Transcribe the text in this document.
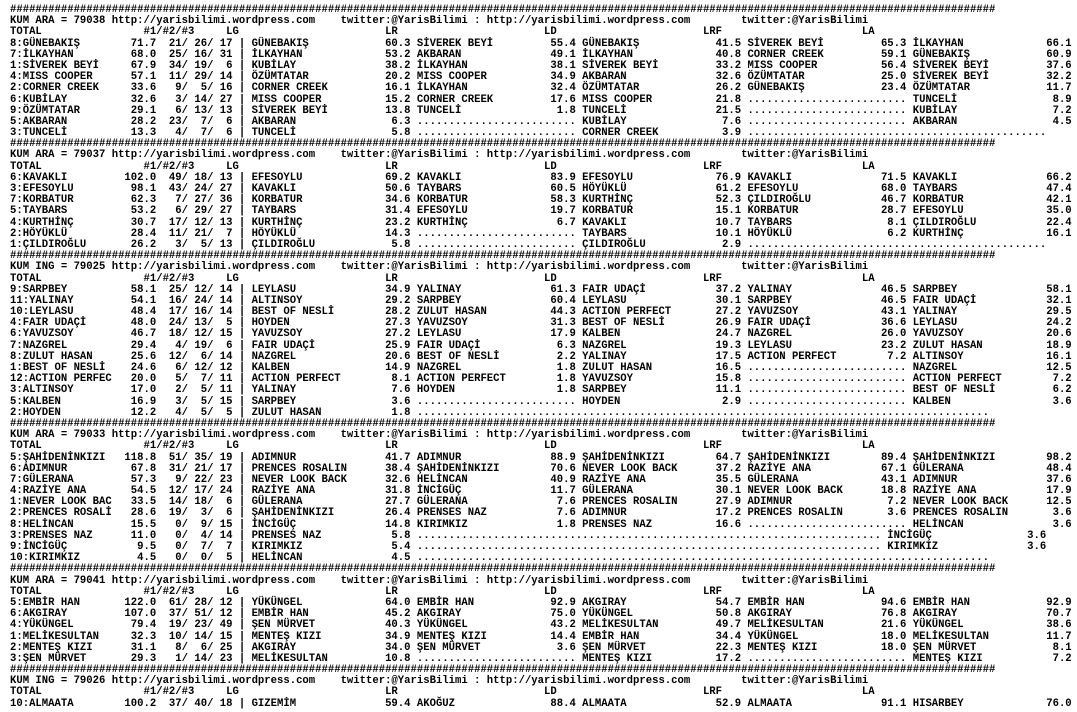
###########################################################################################################################################################
KUM ARA = 79038 http://yarisbilimi.wordpress.com    twitter:@YarisBilimi : http://yarisbilimi.wordpress.com        twitter:@YarisBilimi
TOTAL                #1/#2/#3     LG                       LR                       LD                       LRF                      LA
8:GÜNEBAKIŞ        71.7  21/ 26/ 17 | GÜNEBAKIŞ            60.3 SİVEREK BEYİ         55.4 GÜNEBAKIŞ            41.5 SİVEREK BEYİ         65.3 İLKAYHAN             66.1
7:İLKAYHAN         68.0  25/ 16/ 31 | İLKAYHAN             53.2 AKBARAN              49.1 İLKAYHAN             40.8 CORNER CREEK         59.1 GÜNEBAKIŞ            60.9
1:SİVEREK BEYİ     67.9  34/ 19/  6 | KUBİLAY              38.2 İLKAYHAN             38.1 SİVEREK BEYİ         33.2 MISS COOPER          56.4 SİVEREK BEYİ         37.6
4:MISS COOPER      57.1  11/ 29/ 14 | ÖZÜMTATAR            20.2 MISS COOPER          34.9 AKBARAN              32.6 ÖZÜMTATAR            25.0 SİVEREK BEYİ         32.2
2:CORNER CREEK     33.6   9/  5/ 16 | CORNER CREEK         16.1 İLKAYHAN             32.4 ÖZÜMTATAR            26.2 GÜNEBAKIŞ            23.4 ÖZÜMTATAR            11.7
6:KUBİLAY          32.6   3/ 14/ 27 | MISS COOPER          15.2 CORNER CREEK         17.6 MISS COOPER          21.8 ......................... TUNCELİ               8.9
9:ÖZÜMTATAR        29.1   6/ 13/ 13 | SİVEREK BEYİ         13.8 TUNCELİ               1.8 TUNCELİ              21.5 ......................... KUBİLAY               7.2
5:AKBARAN          28.2  23/  7/  6 | AKBARAN               6.3 ......................... KUBİLAY               7.6 ......................... AKBARAN               4.5
3:TUNCELİ          13.3   4/  7/  6 | TUNCELİ               5.8 ......................... CORNER CREEK          3.9 ...............................................
###########################################################################################################################################################
KUM ARA = 79037 http://yarisbilimi.wordpress.com    twitter:@YarisBilimi : http://yarisbilimi.wordpress.com        twitter:@YarisBilimi
TOTAL                #1/#2/#3     LG                       LR                       LD                       LRF                      LA
6:KAVAKLI         102.0  49/ 18/ 13 | EFESOYLU             69.2 KAVAKLI              83.9 EFESOYLU             76.9 KAVAKLI              71.5 KAVAKLI              66.2
3:EFESOYLU         98.1  43/ 24/ 27 | KAVAKLI              50.6 TAYBARS              60.5 HÖYÜKLÜ              61.2 EFESOYLU             68.0 TAYBARS              47.4
7:KORBATUR         62.3   7/ 27/ 36 | KORBATUR             34.6 KORBATUR             58.3 KURTHİNÇ             52.3 ÇILDIROĞLU           46.7 KORBATUR             42.1
5:TAYBARS          53.2   6/ 29/ 27 | TAYBARS              31.4 EFESOYLU             19.7 KORBATUR             15.1 KORBATUR             28.7 EFESOYLU             35.0
4:KURTHİNÇ         30.7  17/ 12/ 13 | KURTHİNÇ             23.2 KURTHİNÇ              6.7 KAVAKLI              10.7 TAYBARS               8.1 ÇILDIROĞLU           22.4
2:HÖYÜKLÜ          28.4  11/ 21/  7 | HÖYÜKLÜ              14.3 ......................... TAYBARS              10.1 HÖYÜKLÜ               6.2 KURTHİNÇ             16.1
1:ÇILDIROĞLU       26.2   3/  5/ 13 | ÇILDIROĞLU            5.8 ......................... ÇILDIROĞLU            2.9 ...............................................
###########################################################################################################################################################
KUM ING = 79025 http://yarisbilimi.wordpress.com    twitter:@YarisBilimi : http://yarisbilimi.wordpress.com        twitter:@YarisBilimi
TOTAL                #1/#2/#3     LG                       LR                       LD                       LRF                      LA
9:SARPBEY          58.1  25/ 12/ 14 | LEYLASU              34.9 YALINAY              61.3 FAIR UDAÇİ           37.2 YALINAY              46.5 SARPBEY              58.1
11:YALINAY         54.1  16/ 24/ 14 | ALTINSOY             29.2 SARPBEY              60.4 LEYLASU              30.1 SARPBEY              46.5 FAIR UDAÇİ           32.1
10:LEYLASU         48.4  17/ 16/ 14 | BEST OF NESLİ        28.2 ZULUT HASAN          44.3 ACTION PERFECT       27.2 YAVUZSOY             43.1 YALINAY              29.5
4:FAIR UDAÇİ       48.0  24/ 13/  5 | HOYDEN               27.3 YAVUZSOY             31.3 BEST OF NESLİ        26.9 FAIR UDAÇİ           36.6 LEYLASU              24.2
6:YAVUZSOY         46.7  18/ 12/ 15 | YAVUZSOY             27.2 LEYLASU              17.9 KALBEN               24.7 NAZGREL              26.0 YAVUZSOY             20.6
7:NAZGREL          29.4   4/ 19/  6 | FAIR UDAÇİ           25.9 FAIR UDAÇİ            6.3 NAZGREL              19.3 LEYLASU              23.2 ZULUT HASAN          18.9
8:ZULUT HASAN      25.6  12/  6/ 14 | NAZGREL              20.6 BEST OF NESLİ         2.2 YALINAY              17.5 ACTION PERFECT        7.2 ALTINSOY             16.1
1:BEST OF NESLİ    24.6   6/ 12/ 12 | KALBEN               14.9 NAZGREL               1.8 ZULUT HASAN          16.5 ......................... NAZGREL              12.5
12:ACTION PERFEC   20.0   5/  7/ 11 | ACTION PERFECT        8.1 ACTION PERFECT        1.8 YAVUZSOY             15.8 ......................... ACTION PERFECT        7.2
3:ALTINSOY         17.0   2/  5/ 11 | YALINAY               7.6 HOYDEN                1.8 SARPBEY              11.1 ......................... BEST OF NESLİ         6.2
5:KALBEN           16.9   3/  5/ 15 | SARPBEY               3.6 ......................... HOYDEN                2.9 ......................... KALBEN                3.6
2:HOYDEN           12.2   4/  5/  5 | ZULUT HASAN           1.8 ..........................................................................................
###########################################################################################################################################################
KUM ARA = 79033 http://yarisbilimi.wordpress.com    twitter:@YarisBilimi : http://yarisbilimi.wordpress.com        twitter:@YarisBilimi
TOTAL                #1/#2/#3     LG                       LR                       LD                       LRF                      LA
5:ŞAHİDENİNKIZI   118.8  51/ 35/ 19 | ADIMNUR              41.7 ADIMNUR              88.9 ŞAHİDENİNKIZI        64.7 ŞAHİDENİNKIZI        89.4 ŞAHİDENİNKIZI        98.2
6:ADIMNUR          67.8  31/ 21/ 17 | PRENCES ROSALIN      38.4 ŞAHİDENİNKIZI        70.6 NEVER LOOK BACK      37.2 RAZİYE ANA           67.1 GÜLERANA             48.4
7:GÜLERANA         57.3   9/ 22/ 23 | NEVER LOOK BACK      32.6 HELİNCAN             40.9 RAZİYE ANA           35.5 GÜLERANA             43.1 ADIMNUR              37.6
4:RAZİYE ANA       54.5  12/ 17/ 24 | RAZİYE ANA           31.8 İNCİGÜÇ              11.7 GÜLERANA             30.1 NEVER LOOK BACK      18.8 RAZİYE ANA           17.9
1:NEVER LOOK BAC   33.5  14/ 18/  6 | GÜLERANA             27.7 GÜLERANA              7.6 PRENCES ROSALIN      27.9 ADIMNUR               7.2 NEVER LOOK BACK      12.5
2:PRENCES ROSALİ   28.6  19/  3/  6 | ŞAHİDENİNKIZI        26.4 PRENSES NAZ           7.6 ADIMNUR              17.2 PRENCES ROSALIN       3.6 PRENCES ROSALIN       3.6
8:HELİNCAN         15.5   0/  9/ 15 | İNCİGÜÇ              14.8 KIRIMKIZ              1.8 PRENSES NAZ          16.6 ......................... HELİNCAN              3.6
3:PRENSES NAZ      11.0   0/  4/ 14 | PRENSES NAZ           5.8 ......................................................................... İNCİGÜÇ               3.6
9:İNCİGÜÇ           9.5   0/  7/  7 | KIRIMKIZ              5.4 ......................................................................... KIRIMKIZ              3.6
10:KIRIMKIZ         4.5   0/  0/  5 | HELİNCAN              4.5 ..........................................................................................
###########################################################################################################################################################
KUM ARA = 79041 http://yarisbilimi.wordpress.com    twitter:@YarisBilimi : http://yarisbilimi.wordpress.com        twitter:@YarisBilimi
TOTAL                #1/#2/#3     LG                       LR                       LD                       LRF                      LA
5:EMBİR HAN       122.0  61/ 28/ 12 | YÜKÜNGEL             64.0 EMBİR HAN            92.9 AKGIRAY              54.7 EMBİR HAN            94.6 EMBİR HAN            92.9
6:AKGIRAY         107.0  37/ 51/ 12 | EMBİR HAN            45.2 AKGIRAY              75.0 YÜKÜNGEL             50.8 AKGIRAY              76.8 AKGIRAY              70.7
4:YÜKÜNGEL         79.4  19/ 23/ 49 | ŞEN MÜRVET           40.3 YÜKÜNGEL             43.2 MELİKESULTAN         49.7 MELİKESULTAN         21.6 YÜKÜNGEL             38.6
1:MELİKESULTAN     32.3  10/ 14/ 15 | MENTEŞ KIZI          34.9 MENTEŞ KIZI          14.4 EMBİR HAN            34.4 YÜKÜNGEL             18.0 MELİKESULTAN         11.7
2:MENTEŞ KIZI      31.1   8/  6/ 25 | AKGIRAY              34.0 ŞEN MÜRVET            3.6 ŞEN MÜRVET           22.3 MENTEŞ KIZI          18.0 ŞEN MÜRVET            8.1
3:ŞEN MÜRVET       29.3   1/ 14/ 23 | MELİKESULTAN         10.8 ......................... MENTEŞ KIZI          17.2 ......................... MENTEŞ KIZI           7.2
###########################################################################################################################################################
KUM ING = 79026 http://yarisbilimi.wordpress.com    twitter:@YarisBilimi : http://yarisbilimi.wordpress.com        twitter:@YarisBilimi
TOTAL                #1/#2/#3     LG                       LR                       LD                       LRF                      LA
10:ALMAATA        100.2  37/ 40/ 18 | GIZEMİM              59.4 AKOĞUZ               88.4 ALMAATA              52.9 ALMAATA              91.1 HISARBEY             76.0
